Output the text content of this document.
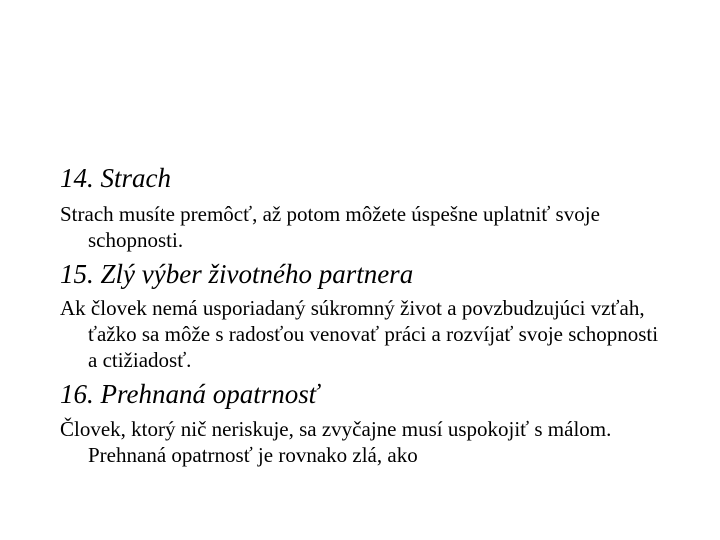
14. Strach
Strach musíte premôcť, až potom môžete úspešne uplatniť svoje schopnosti.
15. Zlý výber životného partnera
Ak človek nemá usporiadaný súkromný život a povzbudzujúci vzťah, ťažko sa môže s radosťou venovať práci a rozvíjať svoje schopnosti a ctižiadosť.
16. Prehnaná opatrnosť
Človek, ktorý nič neriskuje, sa zvyčajne musí uspokojiť s málom. Prehnaná opatrnosť je rovnako zlá, ako
